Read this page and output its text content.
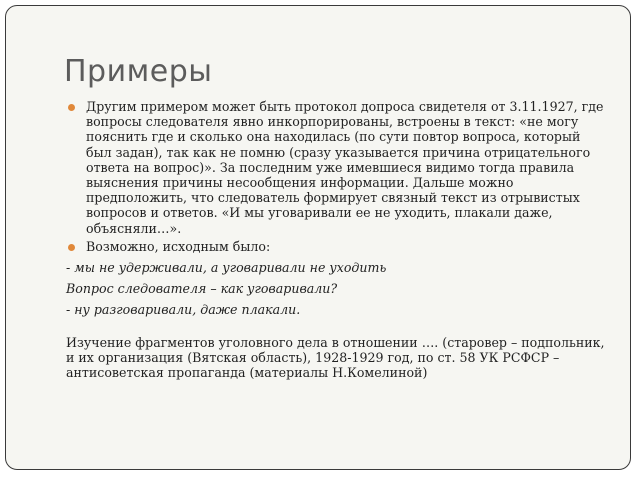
Примеры

Другим примером может быть протокол допроса свидетеля от 3.11.1927, где вопросы следователя явно инкорпорированы, встроены в текст: «не могу пояснить где и сколько она находилась (по сути повтор вопроса, который был задан), так как не помню (сразу указывается причина отрицательного ответа на вопрос)». За последним уже имевшиеся видимо тогда правила выяснения причины несообщения информации. Дальше можно предположить, что следователь формирует связный текст из отрывистых вопросов и ответов. «И мы уговаривали ее не уходить, плакали даже, объясняли…».

Возможно, исходным было:

- мы не удерживали, а уговаривали не уходить

Вопрос следователя – как уговаривали?

- ну разговаривали, даже плакали.

Изучение фрагментов уголовного дела в отношении …. (старовер – подпольник, и их организация (Вятская область), 1928-1929 год, по ст. 58 УК РСФСР – антисоветская пропаганда (материалы Н.Комелиной)
